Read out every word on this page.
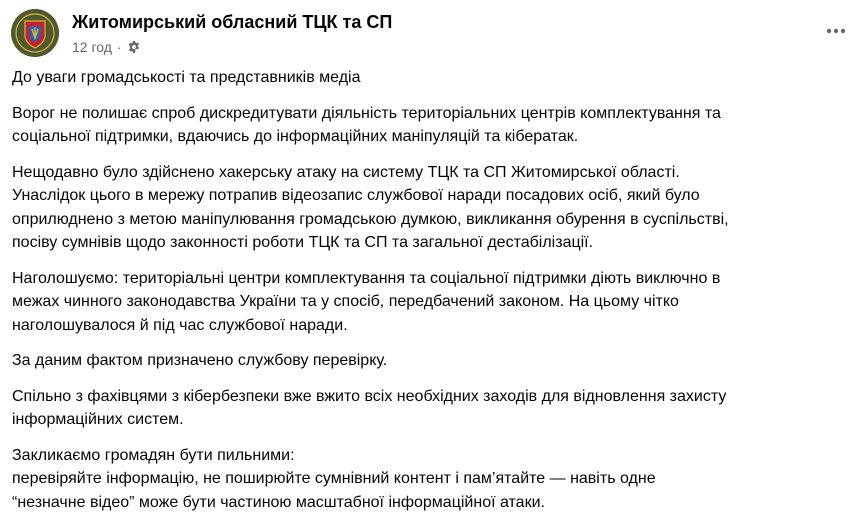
Житомирський обласний ТЦК та СП
12 год ·

До уваги громадськості та представників медіа

Ворог не полишає спроб дискредитувати діяльність територіальних центрів комплектування та
соціальної підтримки, вдаючись до інформаційних маніпуляцій та кібератак.

Нещодавно було здійснено хакерську атаку на систему ТЦК та СП Житомирської області.
Унаслідок цього в мережу потрапив відеозапис службової наради посадових осіб, який було
оприлюднено з метою маніпулювання громадською думкою, викликання обурення в суспільстві,
посіву сумнівів щодо законності роботи ТЦК та СП та загальної дестабілізації.

Наголошуємо: територіальні центри комплектування та соціальної підтримки діють виключно в
межах чинного законодавства України та у спосіб, передбачений законом. На цьому чітко
наголошувалося й під час службової наради.

За даним фактом призначено службову перевірку.

Спільно з фахівцями з кібербезпеки вже вжито всіх необхідних заходів для відновлення захисту
інформаційних систем.

Закликаємо громадян бути пильними:
перевіряйте інформацію, не поширюйте сумнівний контент і пам’ятайте — навіть одне
“незначне відео” може бути частиною масштабної інформаційної атаки.
